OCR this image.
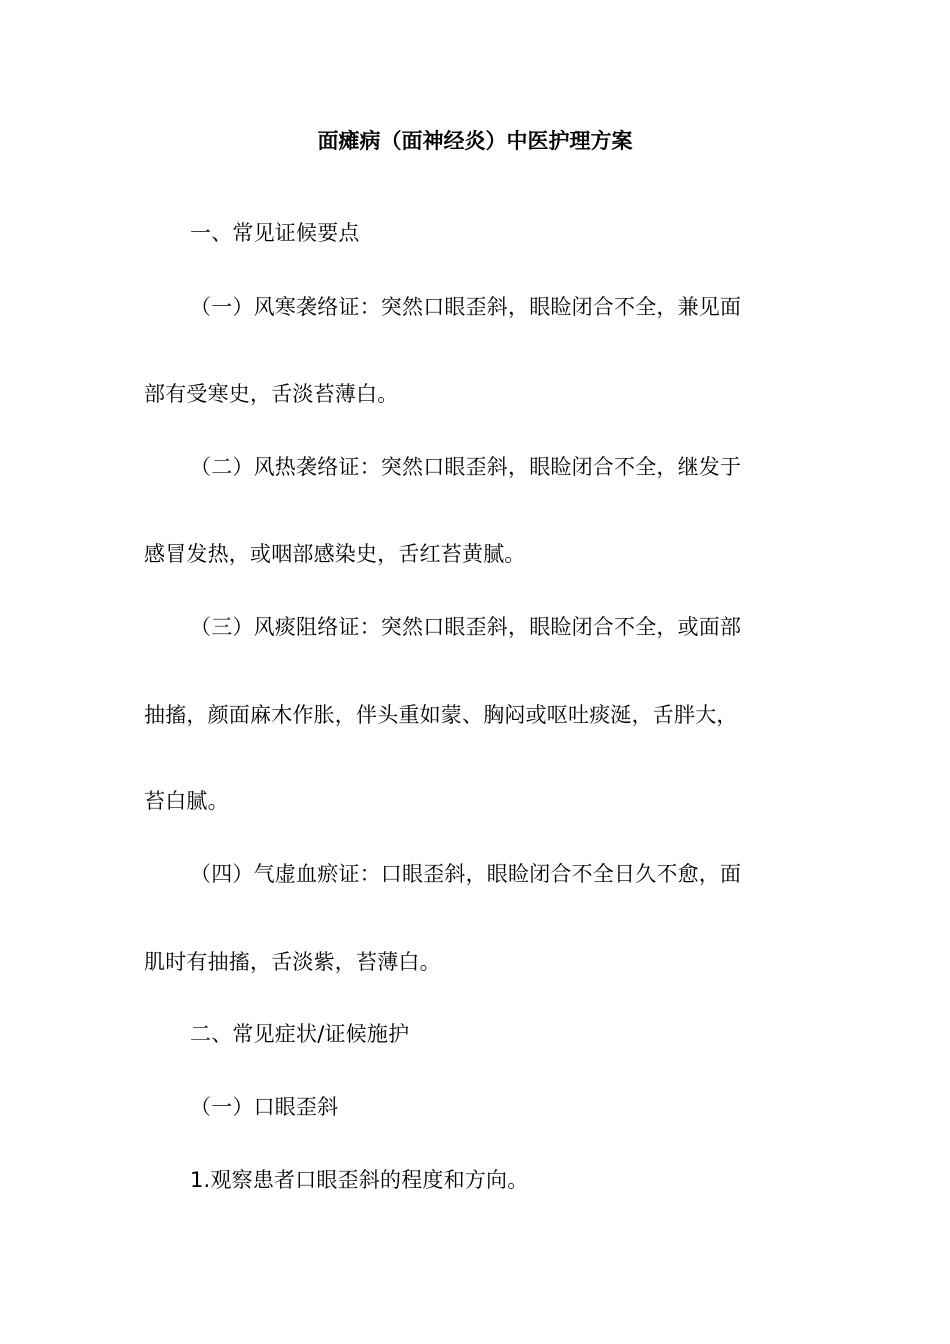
面瘫病（面神经炎）中医护理方案
一、常见证候要点
（一）风寒袭络证：突然口眼歪斜，眼睑闭合不全，兼见面
部有受寒史，舌淡苔薄白。
（二）风热袭络证：突然口眼歪斜，眼睑闭合不全，继发于
感冒发热，或咽部感染史，舌红苔黄腻。
（三）风痰阻络证：突然口眼歪斜，眼睑闭合不全，或面部
抽搐，颜面麻木作胀，伴头重如蒙、胸闷或呕吐痰涎，舌胖大，
苔白腻。
（四）气虚血瘀证：口眼歪斜，眼睑闭合不全日久不愈，面
肌时有抽搐，舌淡紫，苔薄白。
二、常见症状/证候施护
（一）口眼歪斜
1.观察患者口眼歪斜的程度和方向。
